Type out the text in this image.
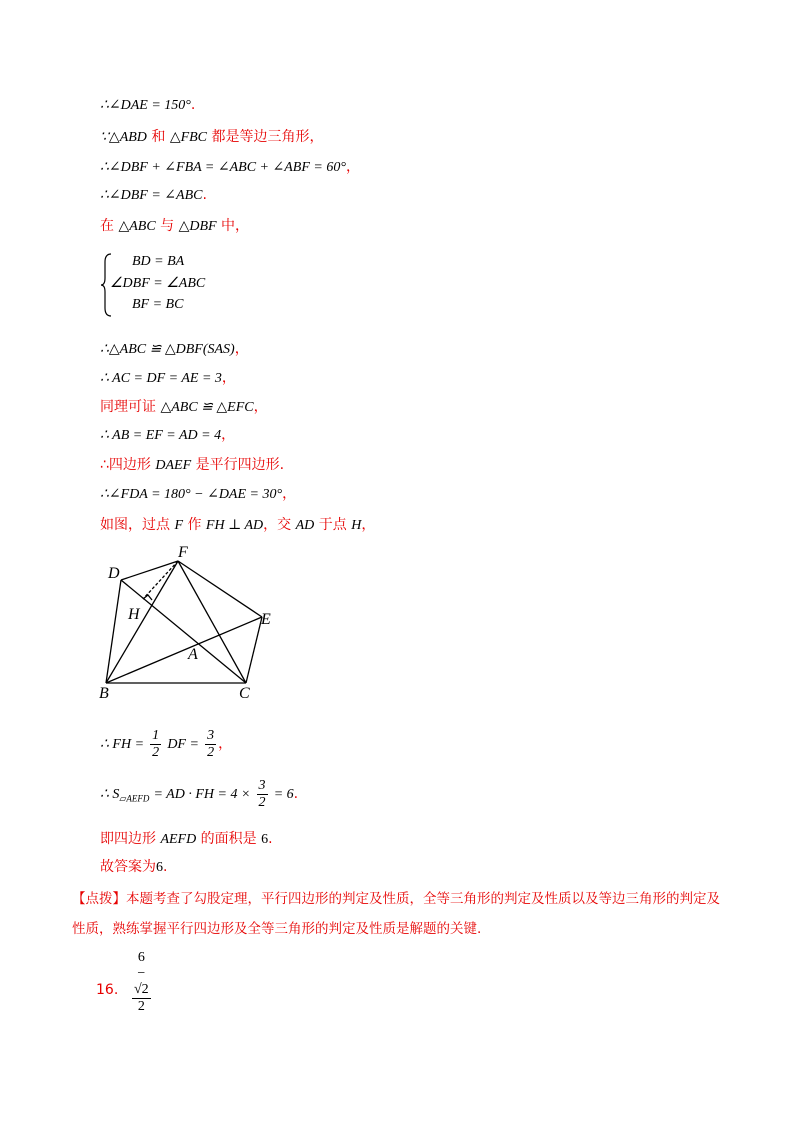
∴∠DAE = 150°.
∵△ABD 和 △FBC 都是等边三角形，
∴∠DBF + ∠FBA = ∠ABC + ∠ABF = 60°，
∴∠DBF = ∠ABC.
在 △ABC 与 △DBF 中，
BD = BA
∠DBF = ∠ABC
BF = BC
∴△ABC ≌ △DBF(SAS)，
∴ AC = DF = AE = 3，
同理可证 △ABC ≌ △EFC，
∴ AB = EF = AD = 4，
∴四边形 DAEF 是平行四边形.
∴∠FDA = 180° − ∠DAE = 30°，
如图，过点 F 作 FH ⊥ AD，交 AD 于点 H，
D
F
H	E
A
B	C
∴ FH = $\frac{1}{2}$ DF = $\frac{3}{2}$ ，
∴ $S_{▱AEFD}$ = AD · FH = $4 \times \frac{3}{2} = 6$.
即四边形 AEFD 的面积是 6.
故答案为6.
【点拨】本题考查了勾股定理，平行四边形的判定及性质，全等三角形的判定及性质以及等边三角形的判定及性质，熟练掌握平行四边形及全等三角形的判定及性质是解题的关键.
16. $\frac{6 - √2}{2}$
